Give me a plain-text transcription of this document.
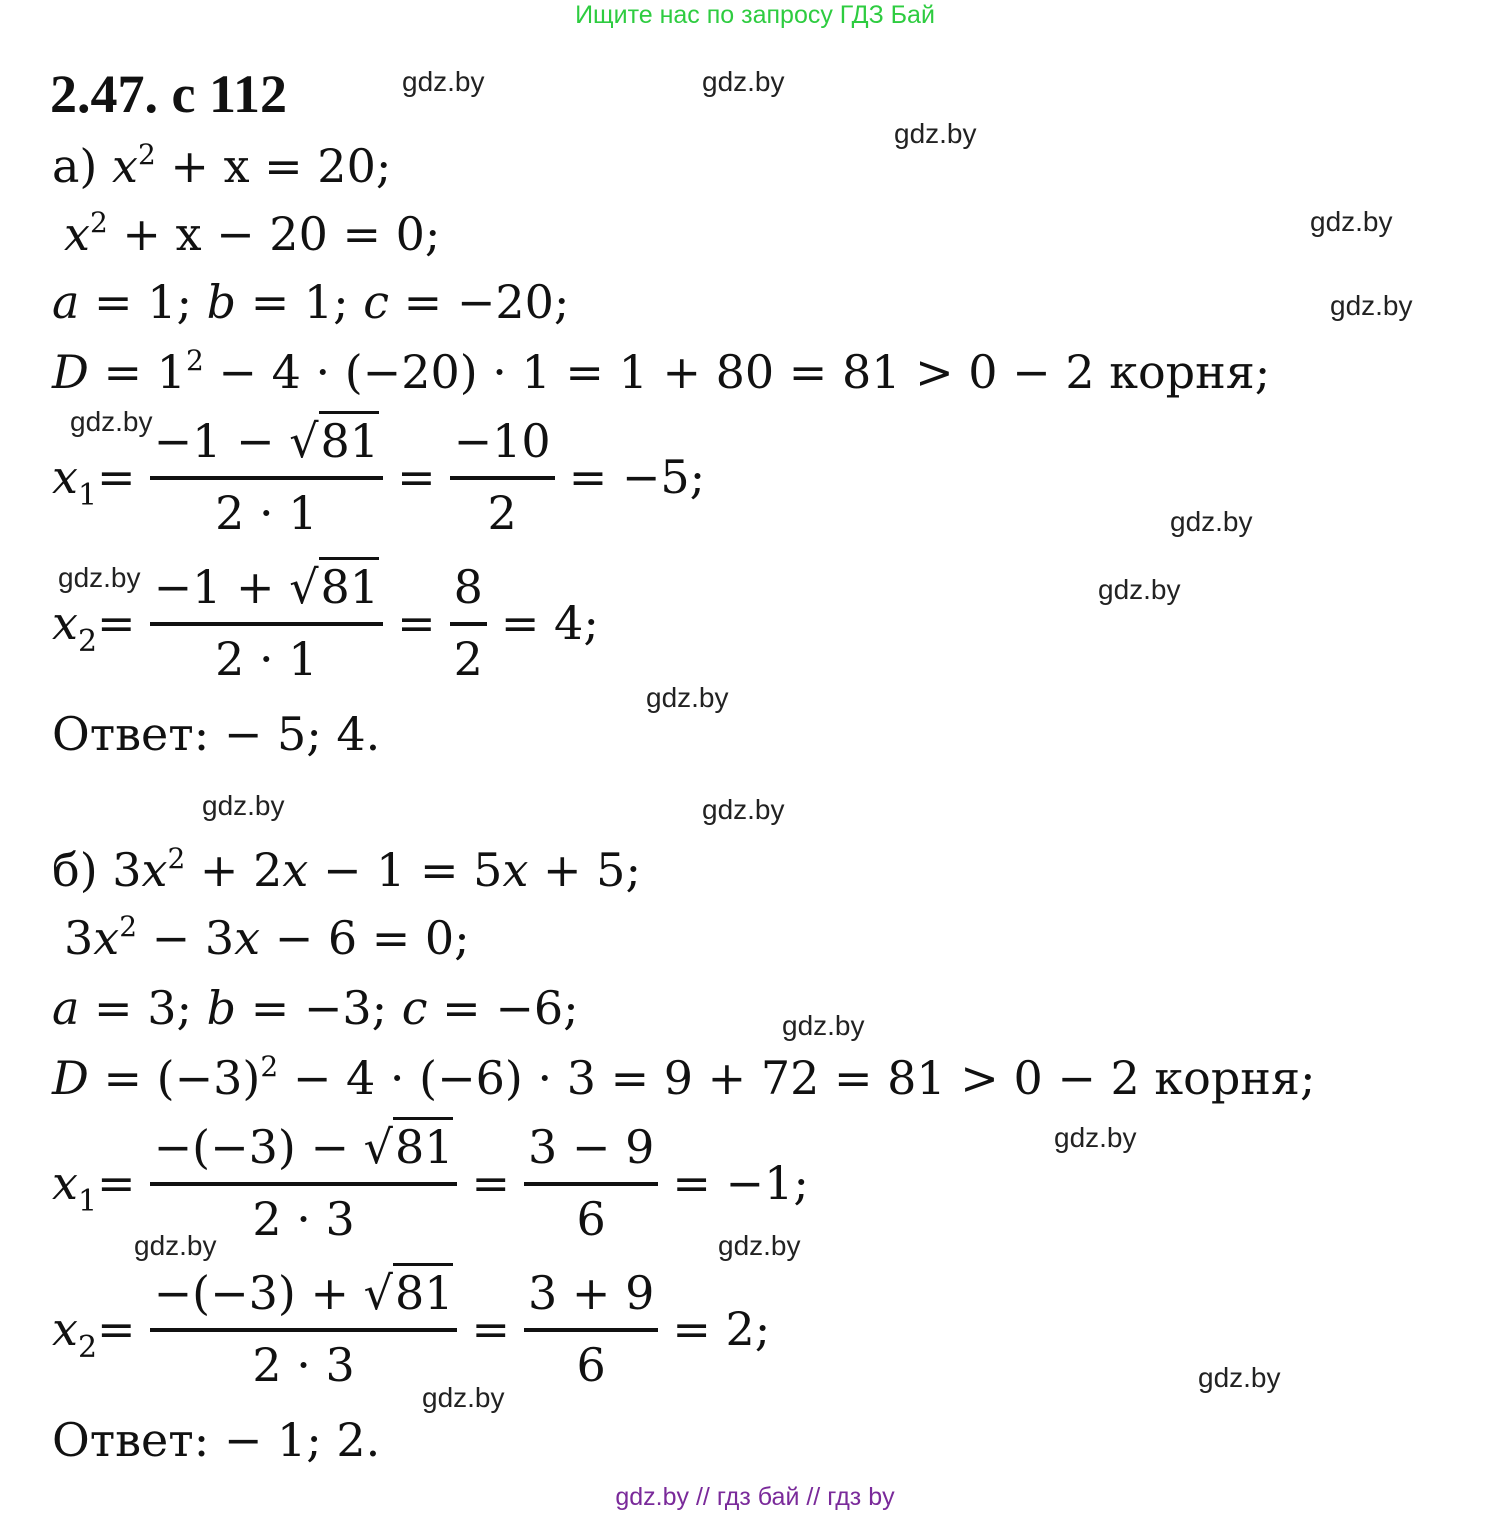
Ищите нас по запросу ГДЗ Бай
2.47. с 112	gdz.by	gdz.by
gdz.by
gdz.by
gdz.by
gdz.by
gdz.by
gdz.by	gdz.by
gdz.by
gdz.by	gdz.by
gdz.by
gdz.by
gdz.by	gdz.by
gdz.by
gdz.by
а) $x^2 + x = 20$;
$x^2 + x - 20 = 0$;
a = 1; b = 1; c = −20;
$D = 1^2 - 4 \cdot (-20) \cdot 1 = 1 + 80 = 81 > 0 - 2$ корня;
$x_1 = \frac{-1 - √81}{2 \cdot 1} = \frac{-10}{2} = -5$;
$x_2 = \frac{-1 + √81}{2 \cdot 1} = \frac{8}{2} = 4$;
Ответ: − 5; 4.
б) $3x^2 + 2x - 1 = 5x + 5$;
$3x^2 - 3x - 6 = 0$;
a = 3; b = −3; c = −6;
$D = (-3)^2 - 4 \cdot (-6) \cdot 3 = 9 + 72 = 81 > 0 - 2$ корня;
$x_1 = \frac{-(-3) - √81}{2 \cdot 3} = \frac{3 - 9}{6} = -1$;
$x_2 = \frac{-(-3) + √81}{2 \cdot 3} = \frac{3 + 9}{6} = 2$;
Ответ: − 1; 2.
gdz.by // гдз бай // гдз by
